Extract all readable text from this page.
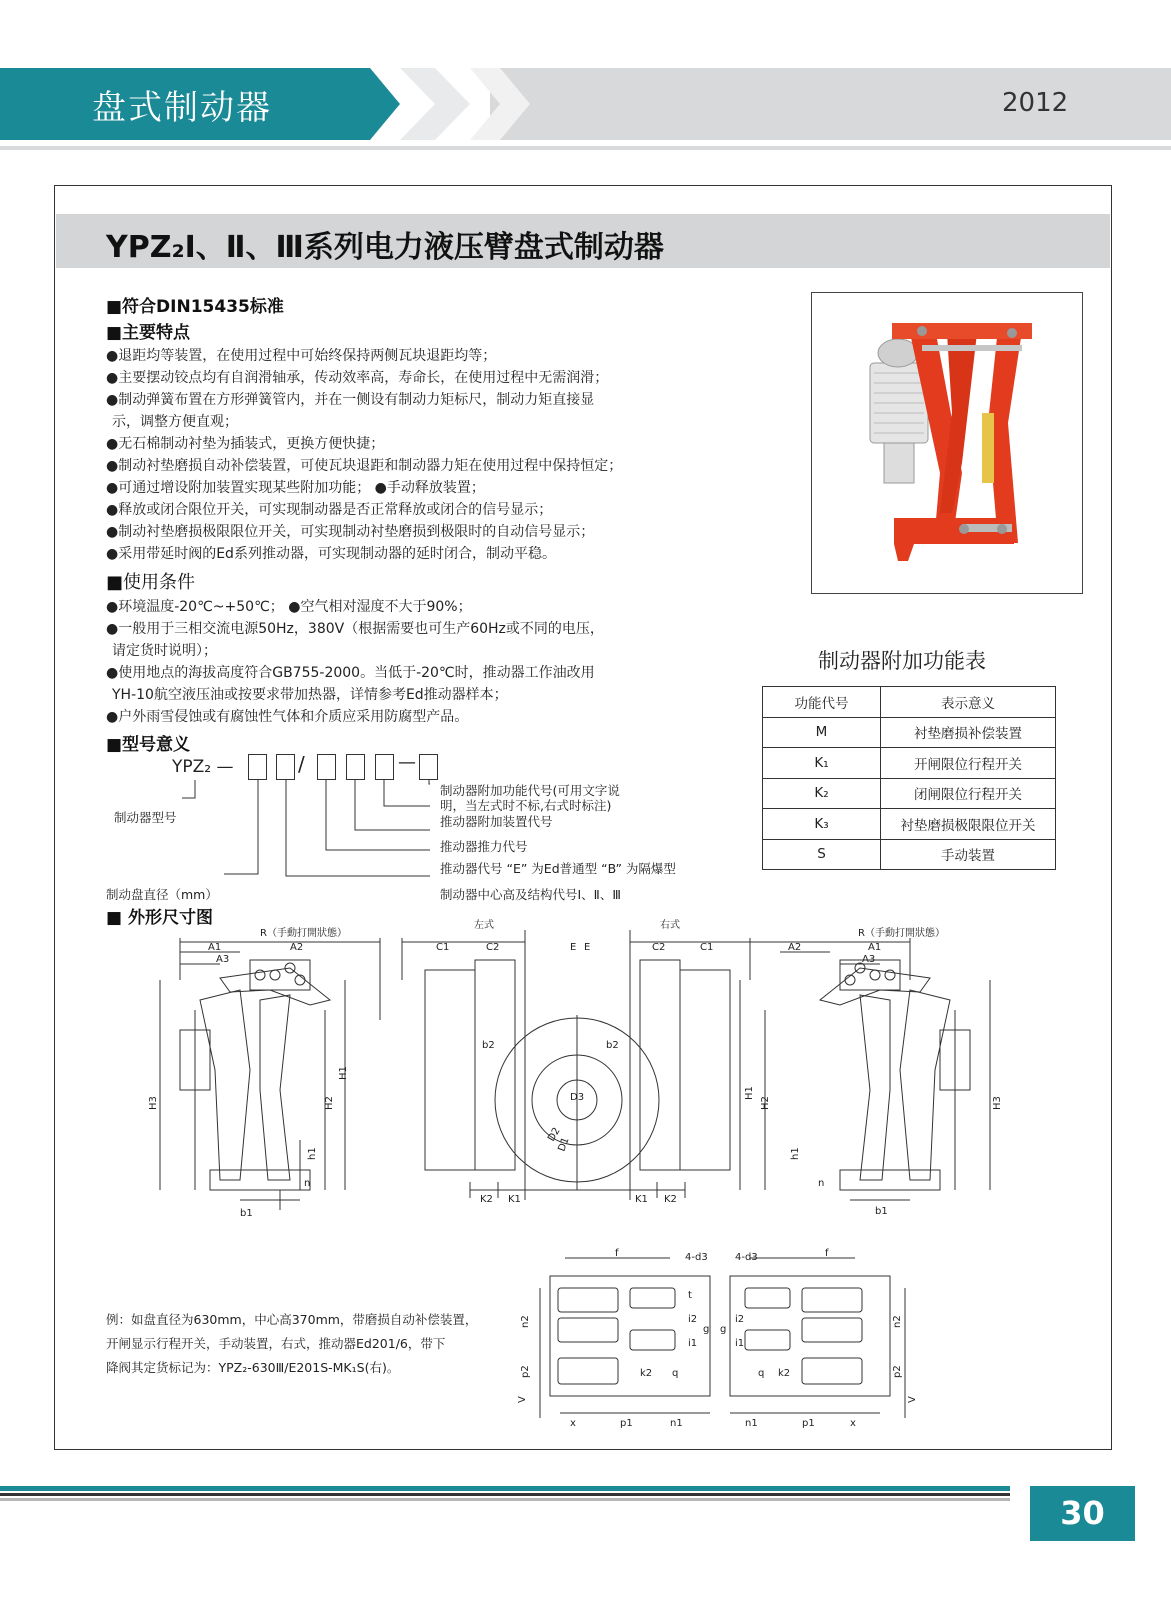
盘式制动器	2012
YPZ₂Ⅰ、Ⅱ、Ⅲ系列电力液压臂盘式制动器
■符合DIN15435标准
■主要特点
●退距均等装置，在使用过程中可始终保持两侧瓦块退距均等；
●主要摆动铰点均有自润滑轴承，传动效率高，寿命长，在使用过程中无需润滑；
●制动弹簧布置在方形弹簧管内，并在一侧设有制动力矩标尺，制动力矩直接显
示，调整方便直观；
●无石棉制动衬垫为插装式，更换方便快捷；
●制动衬垫磨损自动补偿装置，可使瓦块退距和制动器力矩在使用过程中保持恒定；
●可通过增设附加装置实现某些附加功能； ●手动释放装置；
●释放或闭合限位开关，可实现制动器是否正常释放或闭合的信号显示；
●制动衬垫磨损极限限位开关，可实现制动衬垫磨损到极限时的自动信号显示；
●采用带延时阀的Ed系列推动器，可实现制动器的延时闭合，制动平稳。
■使用条件
●环境温度-20℃~+50℃； ●空气相对湿度不大于90%；
●一般用于三相交流电源50Hz，380V（根据需要也可生产60Hz或不同的电压，
请定货时说明）；
●使用地点的海拔高度符合GB755-2000。当低于-20℃时，推动器工作油改用
YH-10航空液压油或按要求带加热器，详情参考Ed推动器样本；
●户外雨雪侵蚀或有腐蚀性气体和介质应采用防腐型产品。
■型号意义
YPZ₂ —	/	—
制动器型号
制动盘直径（mm）
制动器附加功能代号(可用文字说
明，当左式时不标,右式时标注)
推动器附加装置代号
推动器推力代号
推动器代号 “E” 为Ed普通型 “B” 为隔爆型
制动器中心高及结构代号Ⅰ、Ⅱ、Ⅲ
制动器附加功能表
功能代号	表示意义
M	衬垫磨损补偿装置
K₁	开闸限位行程开关
K₂	闭闸限位行程开关
K₃	衬垫磨损极限限位开关
S	手动装置
■ 外形尺寸图
R（手動打開狀態）
A1	A2
A3
H3
H1
H2
h1
b1
n
左式	右式
C1	C2	E E	C2	C1
b2	b2
D3
D2
D1
K2 K1	K1 K2
R（手動打開狀態）
A2	A1
A3
H1
H2	H3
h1
n
b1
f	4-d3
n2
p2
V
t
i2
i1
g
k2 q
x	p1	n1
4-d3	f
n2
p2
V
i2
i1
g
k2
q
n1	p1	x
例：如盘直径为630mm，中心高370mm，带磨损自动补偿装置，
开闸显示行程开关，手动装置，右式，推动器Ed201/6，带下
降阀其定货标记为：YPZ₂-630Ⅲ/E201S-MK₁S(右)。
30
